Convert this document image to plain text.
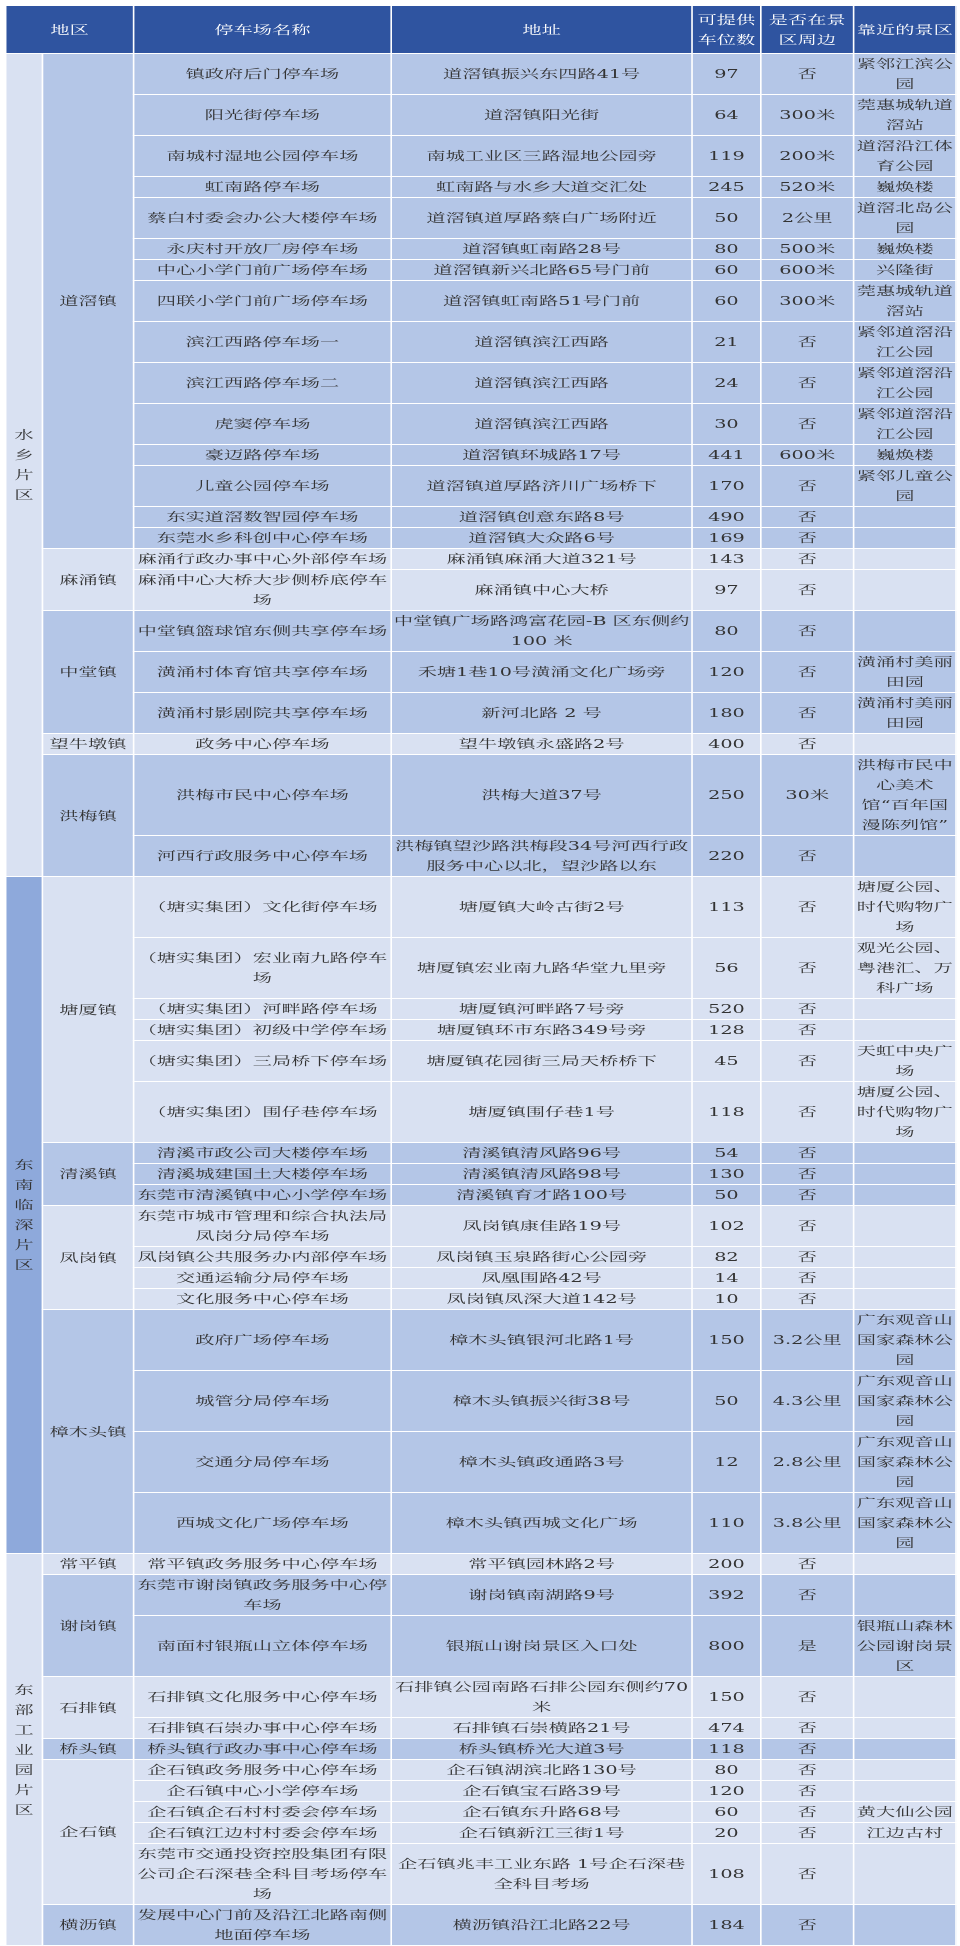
地区		停车场名称	地址	可提供车位数	是否在景区周边	靠近的景区
水乡片区	道滘镇	镇政府后门停车场	道滘镇振兴东四路41号	97	否	紧邻江滨公园
		阳光街停车场	道滘镇阳光街	64	300米	莞惠城轨道滘站
		南城村湿地公园停车场	南城工业区三路湿地公园旁	119	200米	道滘沿江体育公园
		虹南路停车场	虹南路与水乡大道交汇处	245	520米	巍焕楼
		蔡白村委会办公大楼停车场	道滘镇道厚路蔡白广场附近	50	2公里	道滘北岛公园
		永庆村开放厂房停车场	道滘镇虹南路28号	80	500米	巍焕楼
		中心小学门前广场停车场	道滘镇新兴北路65号门前	60	600米	兴隆街
		四联小学门前广场停车场	道滘镇虹南路51号门前	60	300米	莞惠城轨道滘站
		滨江西路停车场一	道滘镇滨江西路	21	否	紧邻道滘沿江公园
		滨江西路停车场二	道滘镇滨江西路	24	否	紧邻道滘沿江公园
		虎窦停车场	道滘镇滨江西路	30	否	紧邻道滘沿江公园
		豪迈路停车场	道滘镇环城路17号	441	600米	巍焕楼
		儿童公园停车场	道滘镇道厚路济川广场桥下	170	否	紧邻儿童公园
		东实道滘数智园停车场	道滘镇创意东路8号	490	否	
		东莞水乡科创中心停车场	道滘镇大众路6号	169	否	
	麻涌镇	麻涌行政办事中心外部停车场	麻涌镇麻涌大道321号	143	否	
		麻涌中心大桥大步侧桥底停车场	麻涌镇中心大桥	97	否	
	中堂镇	中堂镇篮球馆东侧共享停车场	中堂镇广场路鸿富花园-B 区东侧约 100 米	80	否	
		潢涌村体育馆共享停车场	禾塘1巷10号潢涌文化广场旁	120	否	潢涌村美丽田园
		潢涌村影剧院共享停车场	新河北路 2 号	180	否	潢涌村美丽田园
	望牛墩镇	政务中心停车场	望牛墩镇永盛路2号	400	否	
	洪梅镇	洪梅市民中心停车场	洪梅大道37号	250	30米	洪梅市民中心美术馆“百年国漫陈列馆”
		河西行政服务中心停车场	洪梅镇望沙路洪梅段34号河西行政服务中心以北，望沙路以东	220	否	
东南临深片区	塘厦镇	（塘实集团）文化街停车场	塘厦镇大岭古街2号	113	否	塘厦公园、时代购物广场
		（塘实集团）宏业南九路停车场	塘厦镇宏业南九路华堂九里旁	56	否	观光公园、粤港汇、万科广场
		（塘实集团）河畔路停车场	塘厦镇河畔路7号旁	520	否	
		（塘实集团）初级中学停车场	塘厦镇环市东路349号旁	128	否	
		（塘实集团）三局桥下停车场	塘厦镇花园街三局天桥桥下	45	否	天虹中央广场
		（塘实集团）围仔巷停车场	塘厦镇围仔巷1号	118	否	塘厦公园、时代购物广场
	清溪镇	清溪市政公司大楼停车场	清溪镇清风路96号	54	否	
		清溪城建国土大楼停车场	清溪镇清风路98号	130	否	
		东莞市清溪镇中心小学停车场	清溪镇育才路100号	50	否	
	凤岗镇	东莞市城市管理和综合执法局凤岗分局停车场	凤岗镇康佳路19号	102	否	
		凤岗镇公共服务办内部停车场	凤岗镇玉泉路街心公园旁	82	否	
		交通运输分局停车场	凤凰围路42号	14	否	
		文化服务中心停车场	凤岗镇凤深大道142号	10	否	
	樟木头镇	政府广场停车场	樟木头镇银河北路1号	150	3.2公里	广东观音山国家森林公园
		城管分局停车场	樟木头镇振兴街38号	50	4.3公里	广东观音山国家森林公园
		交通分局停车场	樟木头镇政通路3号	12	2.8公里	广东观音山国家森林公园
		西城文化广场停车场	樟木头镇西城文化广场	110	3.8公里	广东观音山国家森林公园
东部工业园片区	常平镇	常平镇政务服务中心停车场	常平镇园林路2号	200	否	
	谢岗镇	东莞市谢岗镇政务服务中心停车场	谢岗镇南湖路9号	392	否	
		南面村银瓶山立体停车场	银瓶山谢岗景区入口处	800	是	银瓶山森林公园谢岗景区
	石排镇	石排镇文化服务中心停车场	石排镇公园南路石排公园东侧约70米	150	否	
		石排镇石崇办事中心停车场	石排镇石崇横路21号	474	否	
	桥头镇	桥头镇行政办事中心停车场	桥头镇桥光大道3号	118	否	
	企石镇	企石镇政务服务中心停车场	企石镇湖滨北路130号	80	否	
		企石镇中心小学停车场	企石镇宝石路39号	120	否	
		企石镇企石村村委会停车场	企石镇东升路68号	60	否	黄大仙公园
		企石镇江边村村委会停车场	企石镇新江三街1号	20	否	江边古村
		东莞市交通投资控股集团有限公司企石深巷全科目考场停车场	企石镇兆丰工业东路 1号企石深巷全科目考场	108	否	
	横沥镇	发展中心门前及沿江北路南侧地面停车场	横沥镇沿江北路22号	184	否	
